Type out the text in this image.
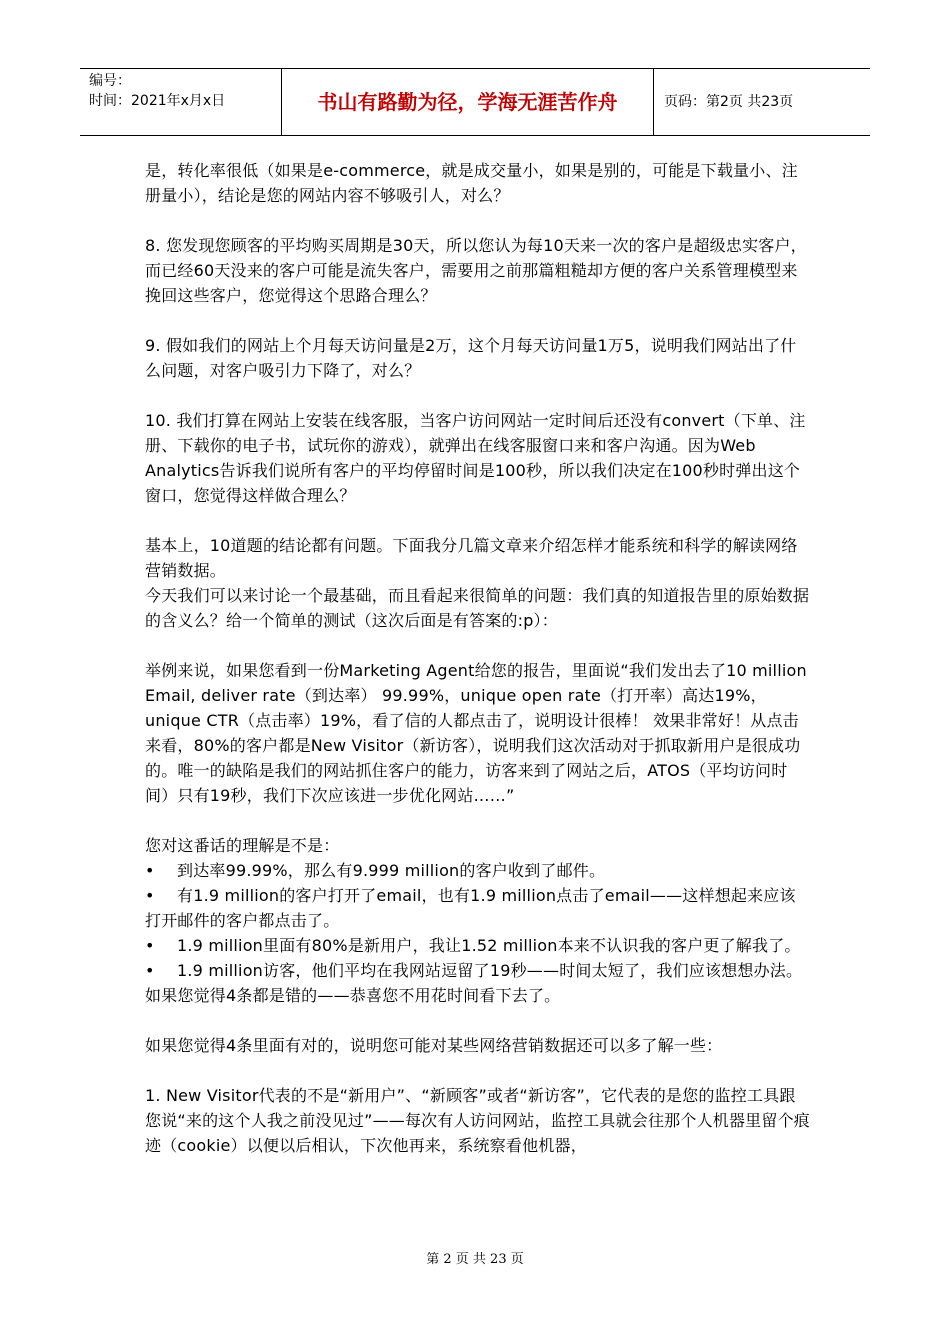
编号：
时间：2021年x月x日	书山有路勤为径，学海无涯苦作舟	页码：第2页 共23页

是，转化率很低（如果是e-commerce，就是成交量小，如果是别的，可能是下载量小、注册量小），结论是您的网站内容不够吸引人，对么？

8. 您发现您顾客的平均购买周期是30天，所以您认为每10天来一次的客户是超级忠实客户，而已经60天没来的客户可能是流失客户，需要用之前那篇粗糙却方便的客户关系管理模型来挽回这些客户，您觉得这个思路合理么？

9. 假如我们的网站上个月每天访问量是2万，这个月每天访问量1万5，说明我们网站出了什么问题，对客户吸引力下降了，对么？

10. 我们打算在网站上安装在线客服，当客户访问网站一定时间后还没有convert（下单、注册、下载你的电子书，试玩你的游戏），就弹出在线客服窗口来和客户沟通。因为Web Analytics告诉我们说所有客户的平均停留时间是100秒，所以我们决定在100秒时弹出这个窗口，您觉得这样做合理么？

基本上，10道题的结论都有问题。下面我分几篇文章来介绍怎样才能系统和科学的解读网络营销数据。

今天我们可以来讨论一个最基础，而且看起来很简单的问题：我们真的知道报告里的原始数据的含义么？给一个简单的测试（这次后面是有答案的:p）：

举例来说，如果您看到一份Marketing Agent给您的报告，里面说“我们发出去了10 million Email, deliver rate（到达率） 99.99%，unique open rate（打开率）高达19%，unique CTR（点击率）19%，看了信的人都点击了，说明设计很棒！ 效果非常好！从点击来看，80%的客户都是New Visitor（新访客），说明我们这次活动对于抓取新用户是很成功的。唯一的缺陷是我们的网站抓住客户的能力，访客来到了网站之后，ATOS（平均访问时间）只有19秒，我们下次应该进一步优化网站……”

您对这番话的理解是不是：

• 到达率99.99%，那么有9.999 million的客户收到了邮件。

• 有1.9 million的客户打开了email，也有1.9 million点击了email——这样想起来应该打开邮件的客户都点击了。

• 1.9 million里面有80%是新用户，我让1.52 million本来不认识我的客户更了解我了。

• 1.9 million访客，他们平均在我网站逗留了19秒——时间太短了，我们应该想想办法。

如果您觉得4条都是错的——恭喜您不用花时间看下去了。

如果您觉得4条里面有对的，说明您可能对某些网络营销数据还可以多了解一些：

1. New Visitor代表的不是“新用户”、“新顾客”或者“新访客”，它代表的是您的监控工具跟您说“来的这个人我之前没见过”——每次有人访问网站，监控工具就会往那个人机器里留个痕迹（cookie）以便以后相认，下次他再来，系统察看他机器，

第 2 页 共 23 页
